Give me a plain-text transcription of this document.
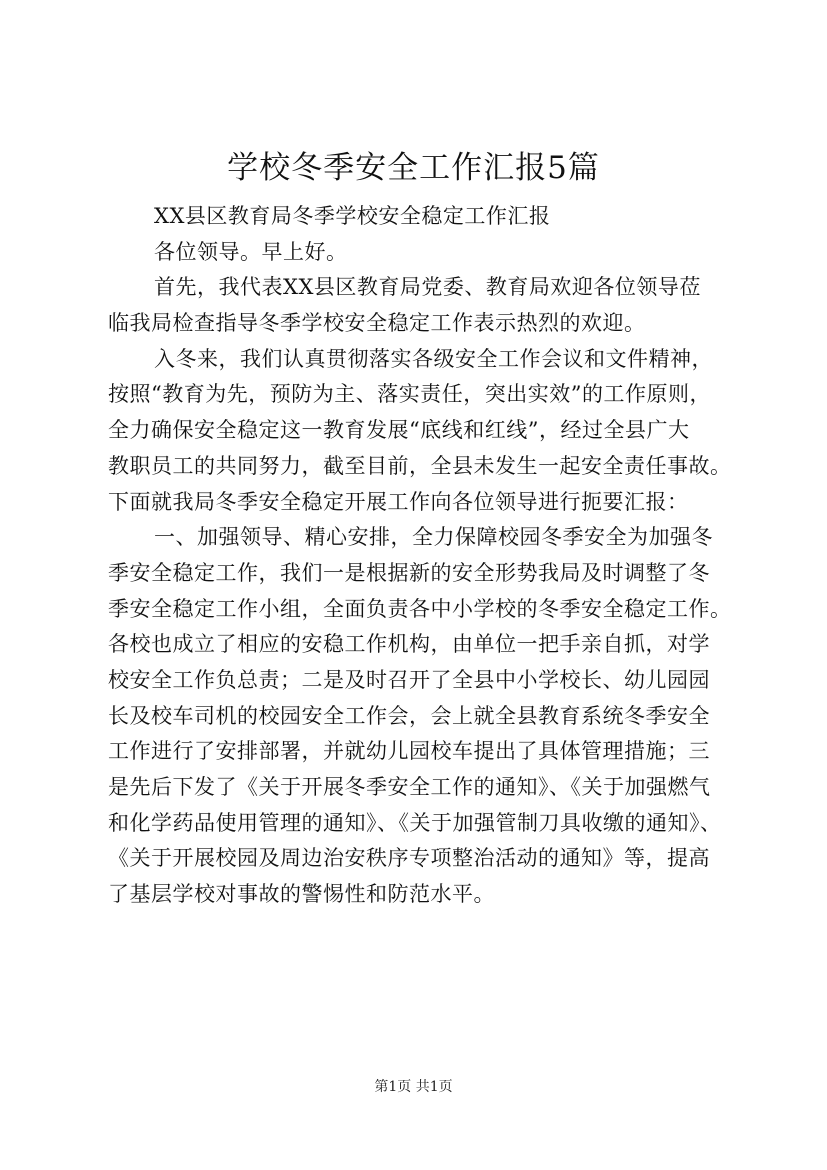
学校冬季安全工作汇报5篇
XX县区教育局冬季学校安全稳定工作汇报
各位领导。早上好。
首先，我代表XX县区教育局党委、教育局欢迎各位领导莅
临我局检查指导冬季学校安全稳定工作表示热烈的欢迎。
入冬来，我们认真贯彻落实各级安全工作会议和文件精神，
按照“教育为先，预防为主、落实责任，突出实效”的工作原则，
全力确保安全稳定这一教育发展“底线和红线”，经过全县广大
教职员工的共同努力，截至目前，全县未发生一起安全责任事故。
下面就我局冬季安全稳定开展工作向各位领导进行扼要汇报：
一、加强领导、精心安排，全力保障校园冬季安全为加强冬
季安全稳定工作，我们一是根据新的安全形势我局及时调整了冬
季安全稳定工作小组，全面负责各中小学校的冬季安全稳定工作。
各校也成立了相应的安稳工作机构，由单位一把手亲自抓，对学
校安全工作负总责；二是及时召开了全县中小学校长、幼儿园园
长及校车司机的校园安全工作会，会上就全县教育系统冬季安全
工作进行了安排部署，并就幼儿园校车提出了具体管理措施；三
是先后下发了《关于开展冬季安全工作的通知》、《关于加强燃气
和化学药品使用管理的通知》、《关于加强管制刀具收缴的通知》、
《关于开展校园及周边治安秩序专项整治活动的通知》等，提高
了基层学校对事故的警惕性和防范水平。
第1页 共1页
